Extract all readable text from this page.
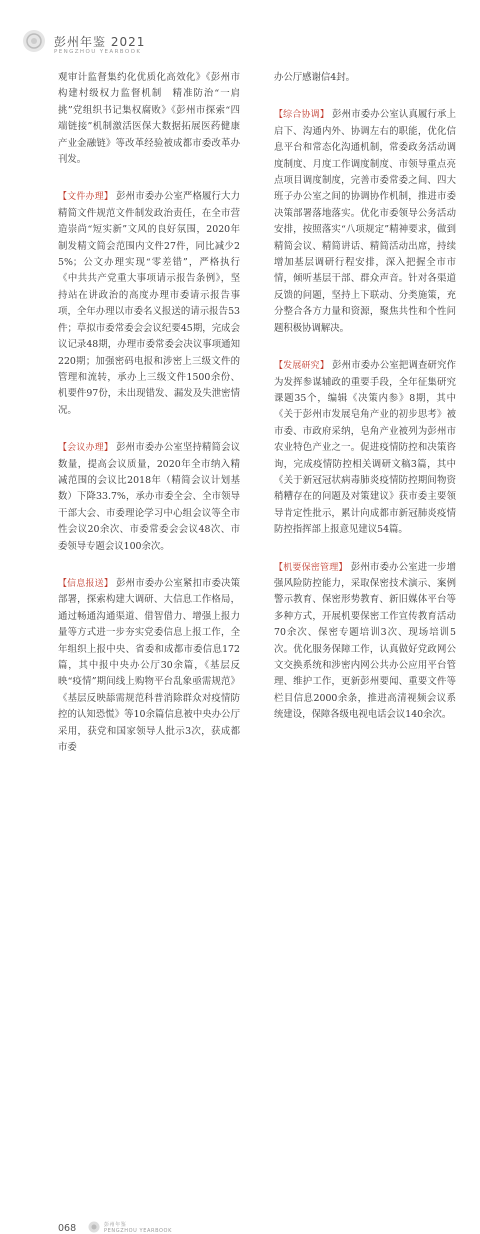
彭州年鉴 2021
PENGZHOU YEARBOOK

观审计监督集约化优质化高效化》《彭州市构建村级权力监督机制　精准防治“一肩挑”党组织书记集权腐败》《彭州市探索“四端链接”机制激活医保大数据拓展医药健康产业金融链》等改革经验被成都市委改革办刊发。

【文件办理】 彭州市委办公室严格履行大力精简文件规范文件制发政治责任，在全市营造崇尚“短实新”文风的良好氛围，2020年制发精文简会范围内文件27件，同比减少25%；公文办理实现“零差错”，严格执行《中共共产党重大事项请示报告条例》，坚持站在讲政治的高度办理市委请示报告事项，全年办理以市委名义报送的请示报告53件；草拟市委常委会会议纪要45期，完成会议记录48期，办理市委常委会决议事项通知220期；加强密码电报和涉密上三级文件的管理和流转，承办上三级文件1500余份、机要件97份，未出现错发、漏发及失泄密情况。

【会议办理】 彭州市委办公室坚持精简会议数量，提高会议质量，2020年全市纳入精减范围的会议比2018年（精简会议计划基数）下降33.7%，承办市委全会、全市领导干部大会、市委理论学习中心组会议等全市性会议20余次、市委常委会会议48次、市委领导专题会议100余次。

【信息报送】 彭州市委办公室紧扣市委决策部署，探索构建大调研、大信息工作格局，通过畅通沟通渠道、借智借力、增强上报力量等方式进一步夯实党委信息上报工作，全年组织上报中央、省委和成都市委信息172篇，其中报中央办公厅30余篇，《基层反映“疫情”期间线上购物平台乱象亟需规范》《基层反映舔需规范科普消除群众对疫情防控的认知恐慌》等10余篇信息被中央办公厅采用，获党和国家领导人批示3次，获成都市委

办公厅感谢信4封。

【综合协调】 彭州市委办公室认真履行承上启下、沟通内外、协调左右的职能，优化信息平台和常态化沟通机制，常委政务活动调度制度、月度工作调度制度、市领导重点亮点项目调度制度，完善市委常委之间、四大班子办公室之间的协调协作机制，推进市委决策部署落地落实。优化市委领导公务活动安排，按照落实“八项规定”精神要求，做到精简会议、精简讲话、精简活动出席，持续增加基层调研行程安排，深入把握全市市情，倾听基层干部、群众声音。针对各渠道反馈的问题，坚持上下联动、分类施策，充分整合各方力量和资源，聚焦共性和个性问题积极协调解决。

【发展研究】 彭州市委办公室把调查研究作为发挥参谋辅政的重要手段，全年征集研究课题35个，编辑《决策内参》8期，其中《关于彭州市发展皂角产业的初步思考》被市委、市政府采纳，皂角产业被列为彭州市农业特色产业之一。促进疫情防控和决策咨询，完成疫情防控相关调研文稿3篇，其中《关于新冠冠状病毒肺炎疫情防控期间物资稍糟存在的问题及对策建议》获市委主要领导肯定性批示，累计向成都市新冠肺炎疫情防控指挥部上报意见建议54篇。

【机要保密管理】 彭州市委办公室进一步增强风险防控能力，采取保密技术演示、案例警示教育、保密形势教育、新旧媒体平台等多种方式，开展机要保密工作宣传教育活动70余次、保密专题培训3次、现场培训5次。优化服务保障工作，认真做好党政网公文交换系统和涉密内网公共办公应用平台管理、维护工作，更新彭州要闻、重要文件等栏目信息2000余条，推进高清视频会议系统建设，保障各级电视电话会议140余次。

068	彭州年鉴
PENGZHOU YEARBOOK
